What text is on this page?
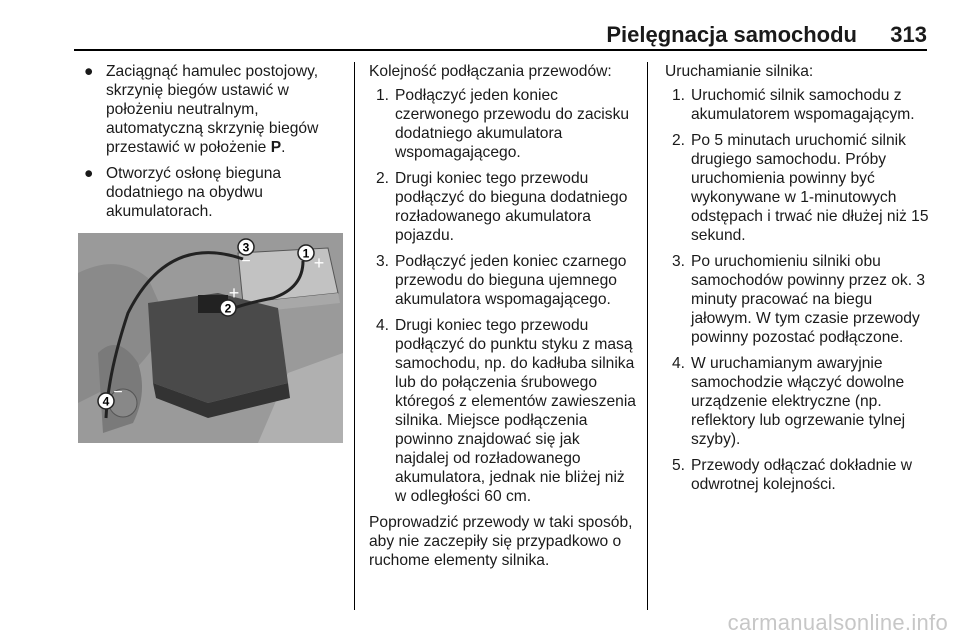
Pielęgnacja samochodu 313
● Zaciągnąć hamulec postojowy, skrzynię biegów ustawić w położeniu neutralnym, automatyczną skrzynię biegów przestawić w położenie P.
● Otworzyć osłonę bieguna dodatniego na obydwu akumulatorach.
3
−	1 +
2
+
4
−

Kolejność podłączania przewodów:

1. Podłączyć jeden koniec czerwonego przewodu do zacisku dodatniego akumulatora wspomagającego.
2. Drugi koniec tego przewodu podłączyć do bieguna dodatniego rozładowanego akumulatora pojazdu.
3. Podłączyć jeden koniec czarnego przewodu do bieguna ujemnego akumulatora wspomagającego.
4. Drugi koniec tego przewodu podłączyć do punktu styku z masą samochodu, np. do kadłuba silnika lub do połączenia śrubowego któregoś z elementów zawieszenia silnika. Miejsce podłączenia powinno znajdować się jak najdalej od rozładowanego akumulatora, jednak nie bliżej niż w odległości 60 cm.

Poprowadzić przewody w taki sposób, aby nie zaczepiły się przypadkowo o ruchome elementy silnika.

Uruchamianie silnika:

1. Uruchomić silnik samochodu z akumulatorem wspomagającym.
2. Po 5 minutach uruchomić silnik drugiego samochodu. Próby uruchomienia powinny być wykonywane w 1-minutowych odstępach i trwać nie dłużej niż 15 sekund.
3. Po uruchomieniu silniki obu samochodów powinny przez ok. 3 minuty pracować na biegu jałowym. W tym czasie przewody powinny pozostać podłączone.
4. W uruchamianym awaryjnie samochodzie włączyć dowolne urządzenie elektryczne (np. reflektory lub ogrzewanie tylnej szyby).
5. Przewody odłączać dokładnie w odwrotnej kolejności.
carmanualsonline.info
